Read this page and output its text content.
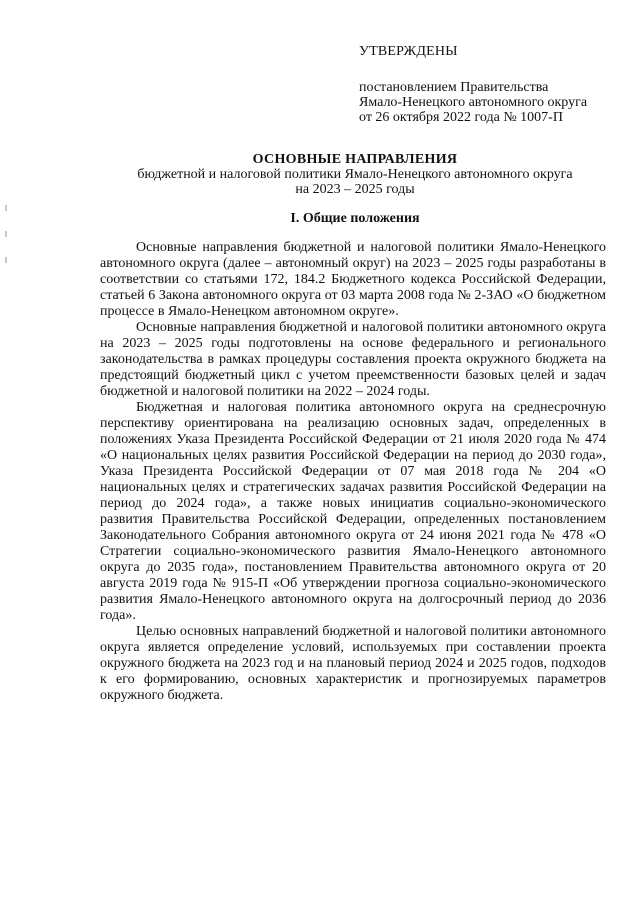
УТВЕРЖДЕНЫ

постановлением Правительства

Ямало-Ненецкого автономного округа

от 26 октября 2022 года № 1007-П

ОСНОВНЫЕ НАПРАВЛЕНИЯ

бюджетной и налоговой политики Ямало-Ненецкого автономного округа

на 2023 – 2025 годы

I. Общие положения

Основные направления бюджетной и налоговой политики Ямало-Ненецкого автономного округа (далее – автономный округ) на 2023 – 2025 годы разработаны в соответствии со статьями 172, 184.2 Бюджетного кодекса Российской Федерации, статьей 6 Закона автономного округа от 03 марта 2008 года № 2-ЗАО «О бюджетном процессе в Ямало-Ненецком автономном округе».

Основные направления бюджетной и налоговой политики автономного округа на 2023 – 2025 годы подготовлены на основе федерального и регионального законодательства в рамках процедуры составления проекта окружного бюджета на предстоящий бюджетный цикл с учетом преемственности базовых целей и задач бюджетной и налоговой политики на 2022 – 2024 годы.

Бюджетная и налоговая политика автономного округа на среднесрочную перспективу ориентирована на реализацию основных задач, определенных в положениях Указа Президента Российской Федерации от 21 июля 2020 года № 474 «О национальных целях развития Российской Федерации на период до 2030 года», Указа Президента Российской Федерации от 07 мая 2018 года № 204 «О национальных целях и стратегических задачах развития Российской Федерации на период до 2024 года», а также новых инициатив социально-экономического развития Правительства Российской Федерации, определенных постановлением Законодательного Собрания автономного округа от 24 июня 2021 года № 478 «О Стратегии социально-экономического развития Ямало-Ненецкого автономного округа до 2035 года», постановлением Правительства автономного округа от 20 августа 2019 года № 915-П «Об утверждении прогноза социально-экономического развития Ямало-Ненецкого автономного округа на долгосрочный период до 2036 года».

Целью основных направлений бюджетной и налоговой политики автономного округа является определение условий, используемых при составлении проекта окружного бюджета на 2023 год и на плановый период 2024 и 2025 годов, подходов к его формированию, основных характеристик и прогнозируемых параметров окружного бюджета.
